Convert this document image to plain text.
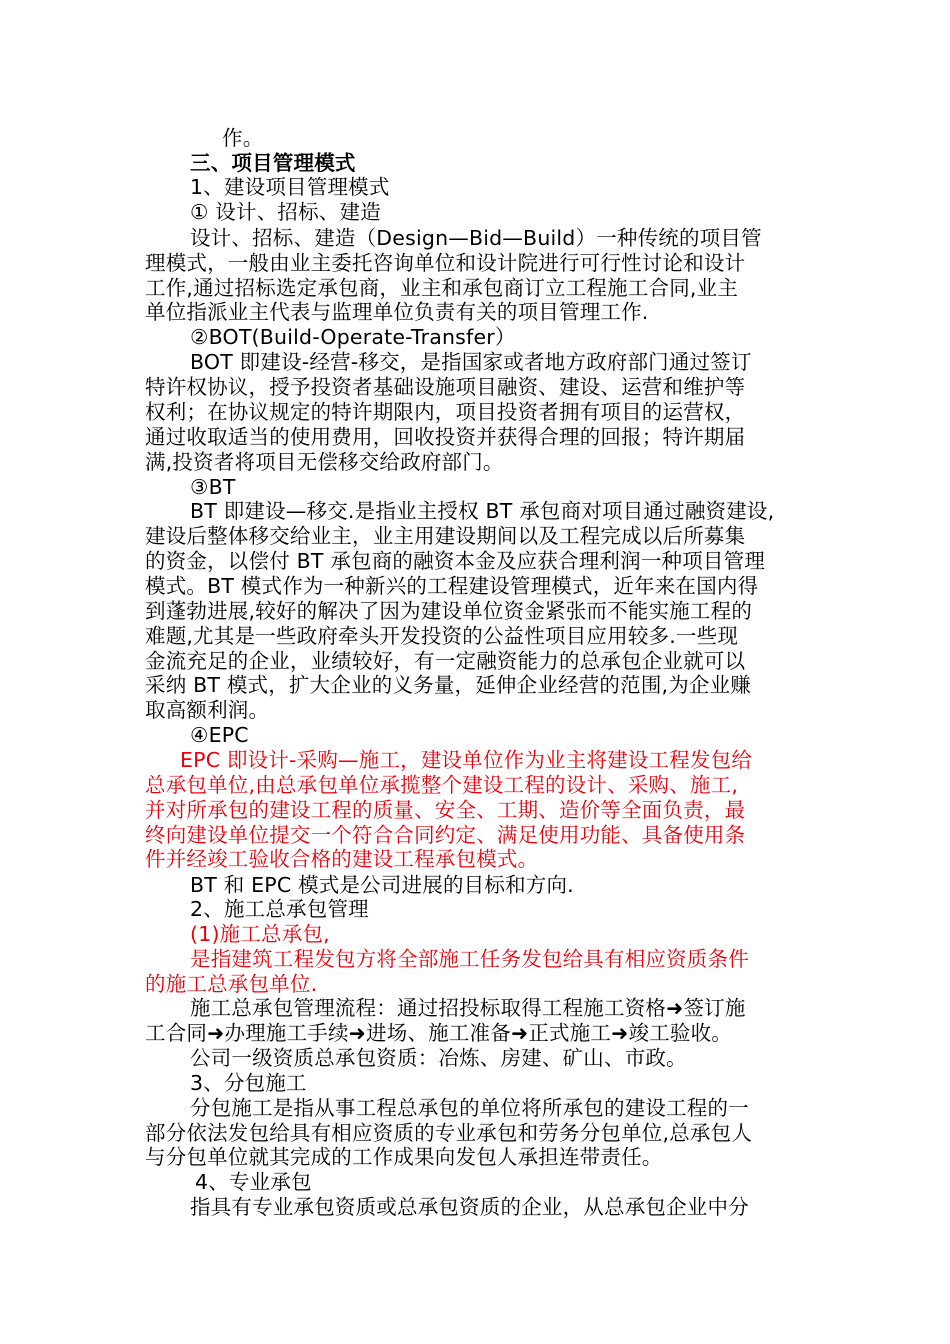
作。
三、项目管理模式
1、建设项目管理模式
① 设计、招标、建造
设计、招标、建造（Design—Bid—Build）一种传统的项目管
理模式，一般由业主委托咨询单位和设计院进行可行性讨论和设计
工作,通过招标选定承包商，业主和承包商订立工程施工合同,业主
单位指派业主代表与监理单位负责有关的项目管理工作.
②BOT(Build-Operate-Transfer）
BOT 即建设-经营-移交，是指国家或者地方政府部门通过签订
特许权协议，授予投资者基础设施项目融资、建设、运营和维护等
权利；在协议规定的特许期限内，项目投资者拥有项目的运营权，
通过收取适当的使用费用，回收投资并获得合理的回报；特许期届
满,投资者将项目无偿移交给政府部门。
③BT
BT 即建设—移交.是指业主授权 BT 承包商对项目通过融资建设,
建设后整体移交给业主，业主用建设期间以及工程完成以后所募集
的资金，以偿付 BT 承包商的融资本金及应获合理利润一种项目管理
模式。BT 模式作为一种新兴的工程建设管理模式，近年来在国内得
到蓬勃进展,较好的解决了因为建设单位资金紧张而不能实施工程的
难题,尤其是一些政府牵头开发投资的公益性项目应用较多.一些现
金流充足的企业，业绩较好，有一定融资能力的总承包企业就可以
采纳 BT 模式，扩大企业的义务量，延伸企业经营的范围,为企业赚
取高额利润。
④EPC
EPC 即设计-采购—施工，建设单位作为业主将建设工程发包给
总承包单位,由总承包单位承揽整个建设工程的设计、采购、施工,
并对所承包的建设工程的质量、安全、工期、造价等全面负责，最
终向建设单位提交一个符合合同约定、满足使用功能、具备使用条
件并经竣工验收合格的建设工程承包模式。
BT 和 EPC 模式是公司进展的目标和方向.
2、施工总承包管理
(1)施工总承包,
是指建筑工程发包方将全部施工任务发包给具有相应资质条件
的施工总承包单位.
施工总承包管理流程：通过招投标取得工程施工资格➜签订施
工合同➜办理施工手续➜进场、施工准备➜正式施工➜竣工验收。
公司一级资质总承包资质：冶炼、房建、矿山、市政。
3、分包施工
分包施工是指从事工程总承包的单位将所承包的建设工程的一
部分依法发包给具有相应资质的专业承包和劳务分包单位,总承包人
与分包单位就其完成的工作成果向发包人承担连带责任。
4、专业承包
指具有专业承包资质或总承包资质的企业，从总承包企业中分
